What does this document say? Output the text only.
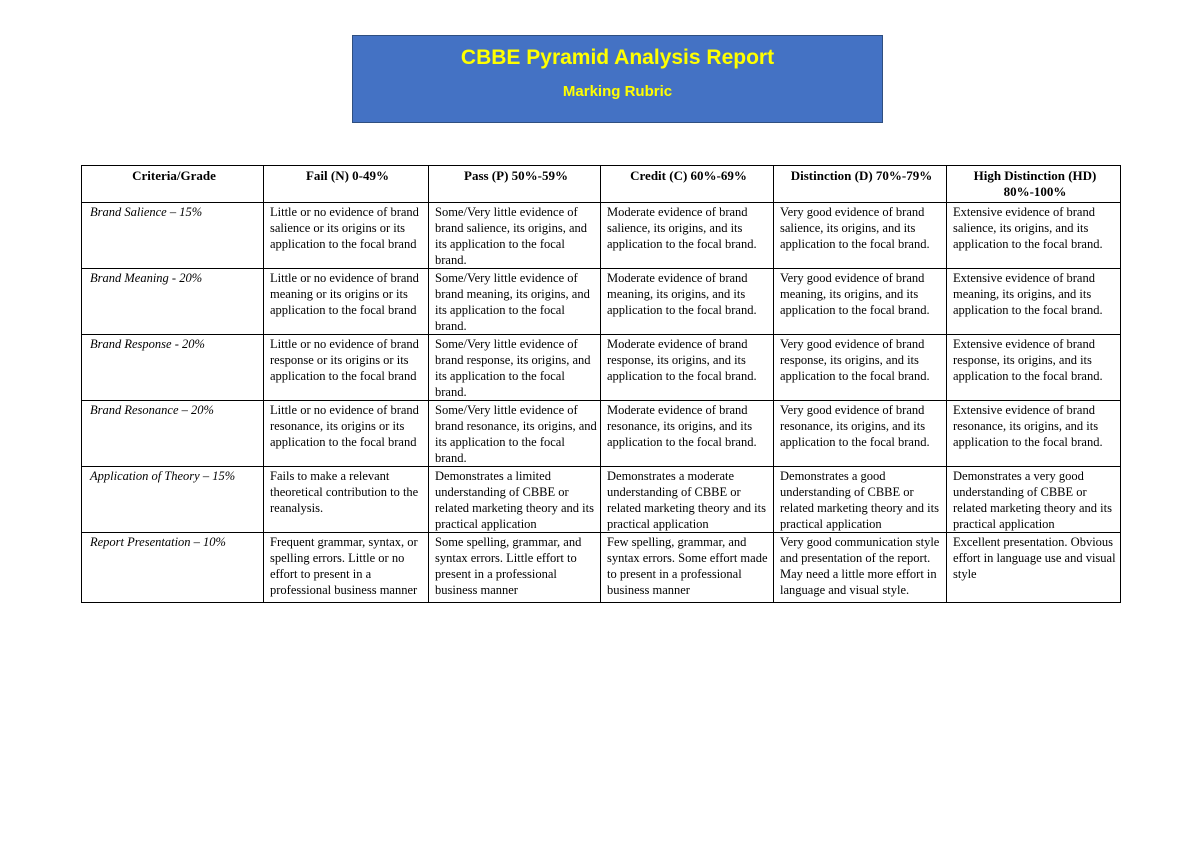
CBBE Pyramid Analysis Report
Marking Rubric
Criteria/Grade	Fail (N) 0-49%	Pass (P) 50%-59%	Credit (C) 60%-69%	Distinction (D) 70%-79%	High Distinction (HD) 80%-100%
Brand Salience – 15%	Little or no evidence of brand salience or its origins or its application to the focal brand	Some/Very little evidence of brand salience, its origins, and its application to the focal brand.	Moderate evidence of brand salience, its origins, and its application to the focal brand.	Very good evidence of brand salience, its origins, and its application to the focal brand.	Extensive evidence of brand salience, its origins, and its application to the focal brand.
Brand Meaning - 20%	Little or no evidence of brand meaning or its origins or its application to the focal brand	Some/Very little evidence of brand meaning, its origins, and its application to the focal brand.	Moderate evidence of brand meaning, its origins, and its application to the focal brand.	Very good evidence of brand meaning, its origins, and its application to the focal brand.	Extensive evidence of brand meaning, its origins, and its application to the focal brand.
Brand Response - 20%	Little or no evidence of brand response or its origins or its application to the focal brand	Some/Very little evidence of brand response, its origins, and its application to the focal brand.	Moderate evidence of brand response, its origins, and its application to the focal brand.	Very good evidence of brand response, its origins, and its application to the focal brand.	Extensive evidence of brand response, its origins, and its application to the focal brand.
Brand Resonance – 20%	Little or no evidence of brand resonance, its origins or its application to the focal brand	Some/Very little evidence of brand resonance, its origins, and its application to the focal brand.	Moderate evidence of brand resonance, its origins, and its application to the focal brand.	Very good evidence of brand resonance, its origins, and its application to the focal brand.	Extensive evidence of brand resonance, its origins, and its application to the focal brand.
Application of Theory – 15%	Fails to make a relevant theoretical contribution to the reanalysis.	Demonstrates a limited understanding of CBBE or related marketing theory and its practical application	Demonstrates a moderate understanding of CBBE or related marketing theory and its practical application	Demonstrates a good understanding of CBBE or related marketing theory and its practical application	Demonstrates a very good understanding of CBBE or related marketing theory and its practical application
Report Presentation – 10%	Frequent grammar, syntax, or spelling errors. Little or no effort to present in a professional business manner	Some spelling, grammar, and syntax errors. Little effort to present in a professional business manner	Few spelling, grammar, and syntax errors. Some effort made to present in a professional business manner	Very good communication style and presentation of the report. May need a little more effort in language and visual style.	Excellent presentation. Obvious effort in language use and visual style
